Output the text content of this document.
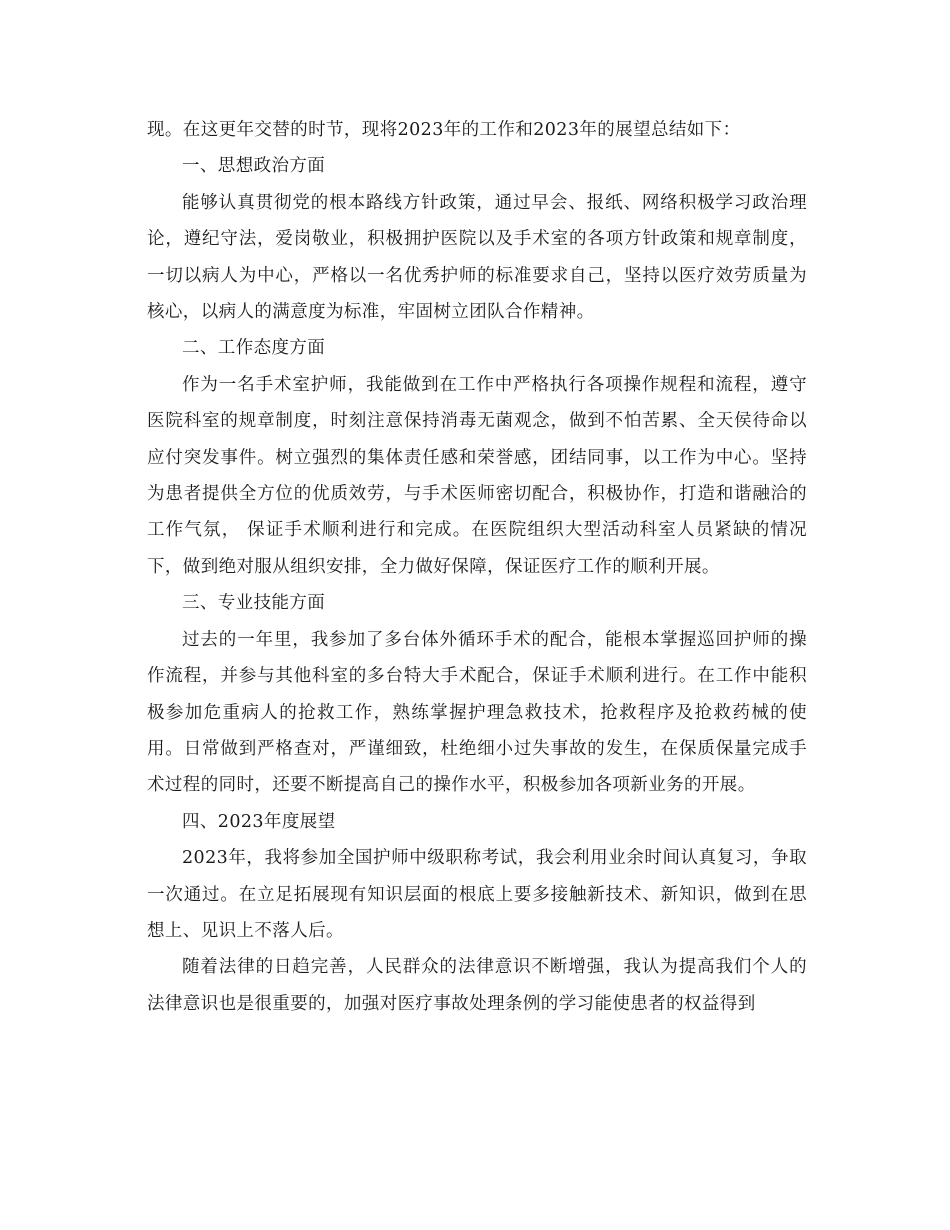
现。在这更年交替的时节，现将2023年的工作和2023年的展望总结如下：

一、思想政治方面

能够认真贯彻党的根本路线方针政策，通过早会、报纸、网络积极学习政治理论，遵纪守法，爱岗敬业，积极拥护医院以及手术室的各项方针政策和规章制度，一切以病人为中心，严格以一名优秀护师的标准要求自己，坚持以医疗效劳质量为核心，以病人的满意度为标准，牢固树立团队合作精神。

二、工作态度方面

作为一名手术室护师，我能做到在工作中严格执行各项操作规程和流程，遵守医院科室的规章制度，时刻注意保持消毒无菌观念，做到不怕苦累、全天侯待命以应付突发事件。树立强烈的集体责任感和荣誉感，团结同事，以工作为中心。坚持为患者提供全方位的优质效劳，与手术医师密切配合，积极协作，打造和谐融洽的工作气氛， 保证手术顺利进行和完成。在医院组织大型活动科室人员紧缺的情况下，做到绝对服从组织安排，全力做好保障，保证医疗工作的顺利开展。

三、专业技能方面

过去的一年里，我参加了多台体外循环手术的配合，能根本掌握巡回护师的操作流程，并参与其他科室的多台特大手术配合，保证手术顺利进行。在工作中能积极参加危重病人的抢救工作，熟练掌握护理急救技术，抢救程序及抢救药械的使用。日常做到严格查对，严谨细致，杜绝细小过失事故的发生，在保质保量完成手术过程的同时，还要不断提高自己的操作水平，积极参加各项新业务的开展。

四、2023年度展望

2023年，我将参加全国护师中级职称考试，我会利用业余时间认真复习，争取一次通过。在立足拓展现有知识层面的根底上要多接触新技术、新知识，做到在思想上、见识上不落人后。

随着法律的日趋完善，人民群众的法律意识不断增强，我认为提高我们个人的法律意识也是很重要的，加强对医疗事故处理条例的学习能使患者的权益得到
